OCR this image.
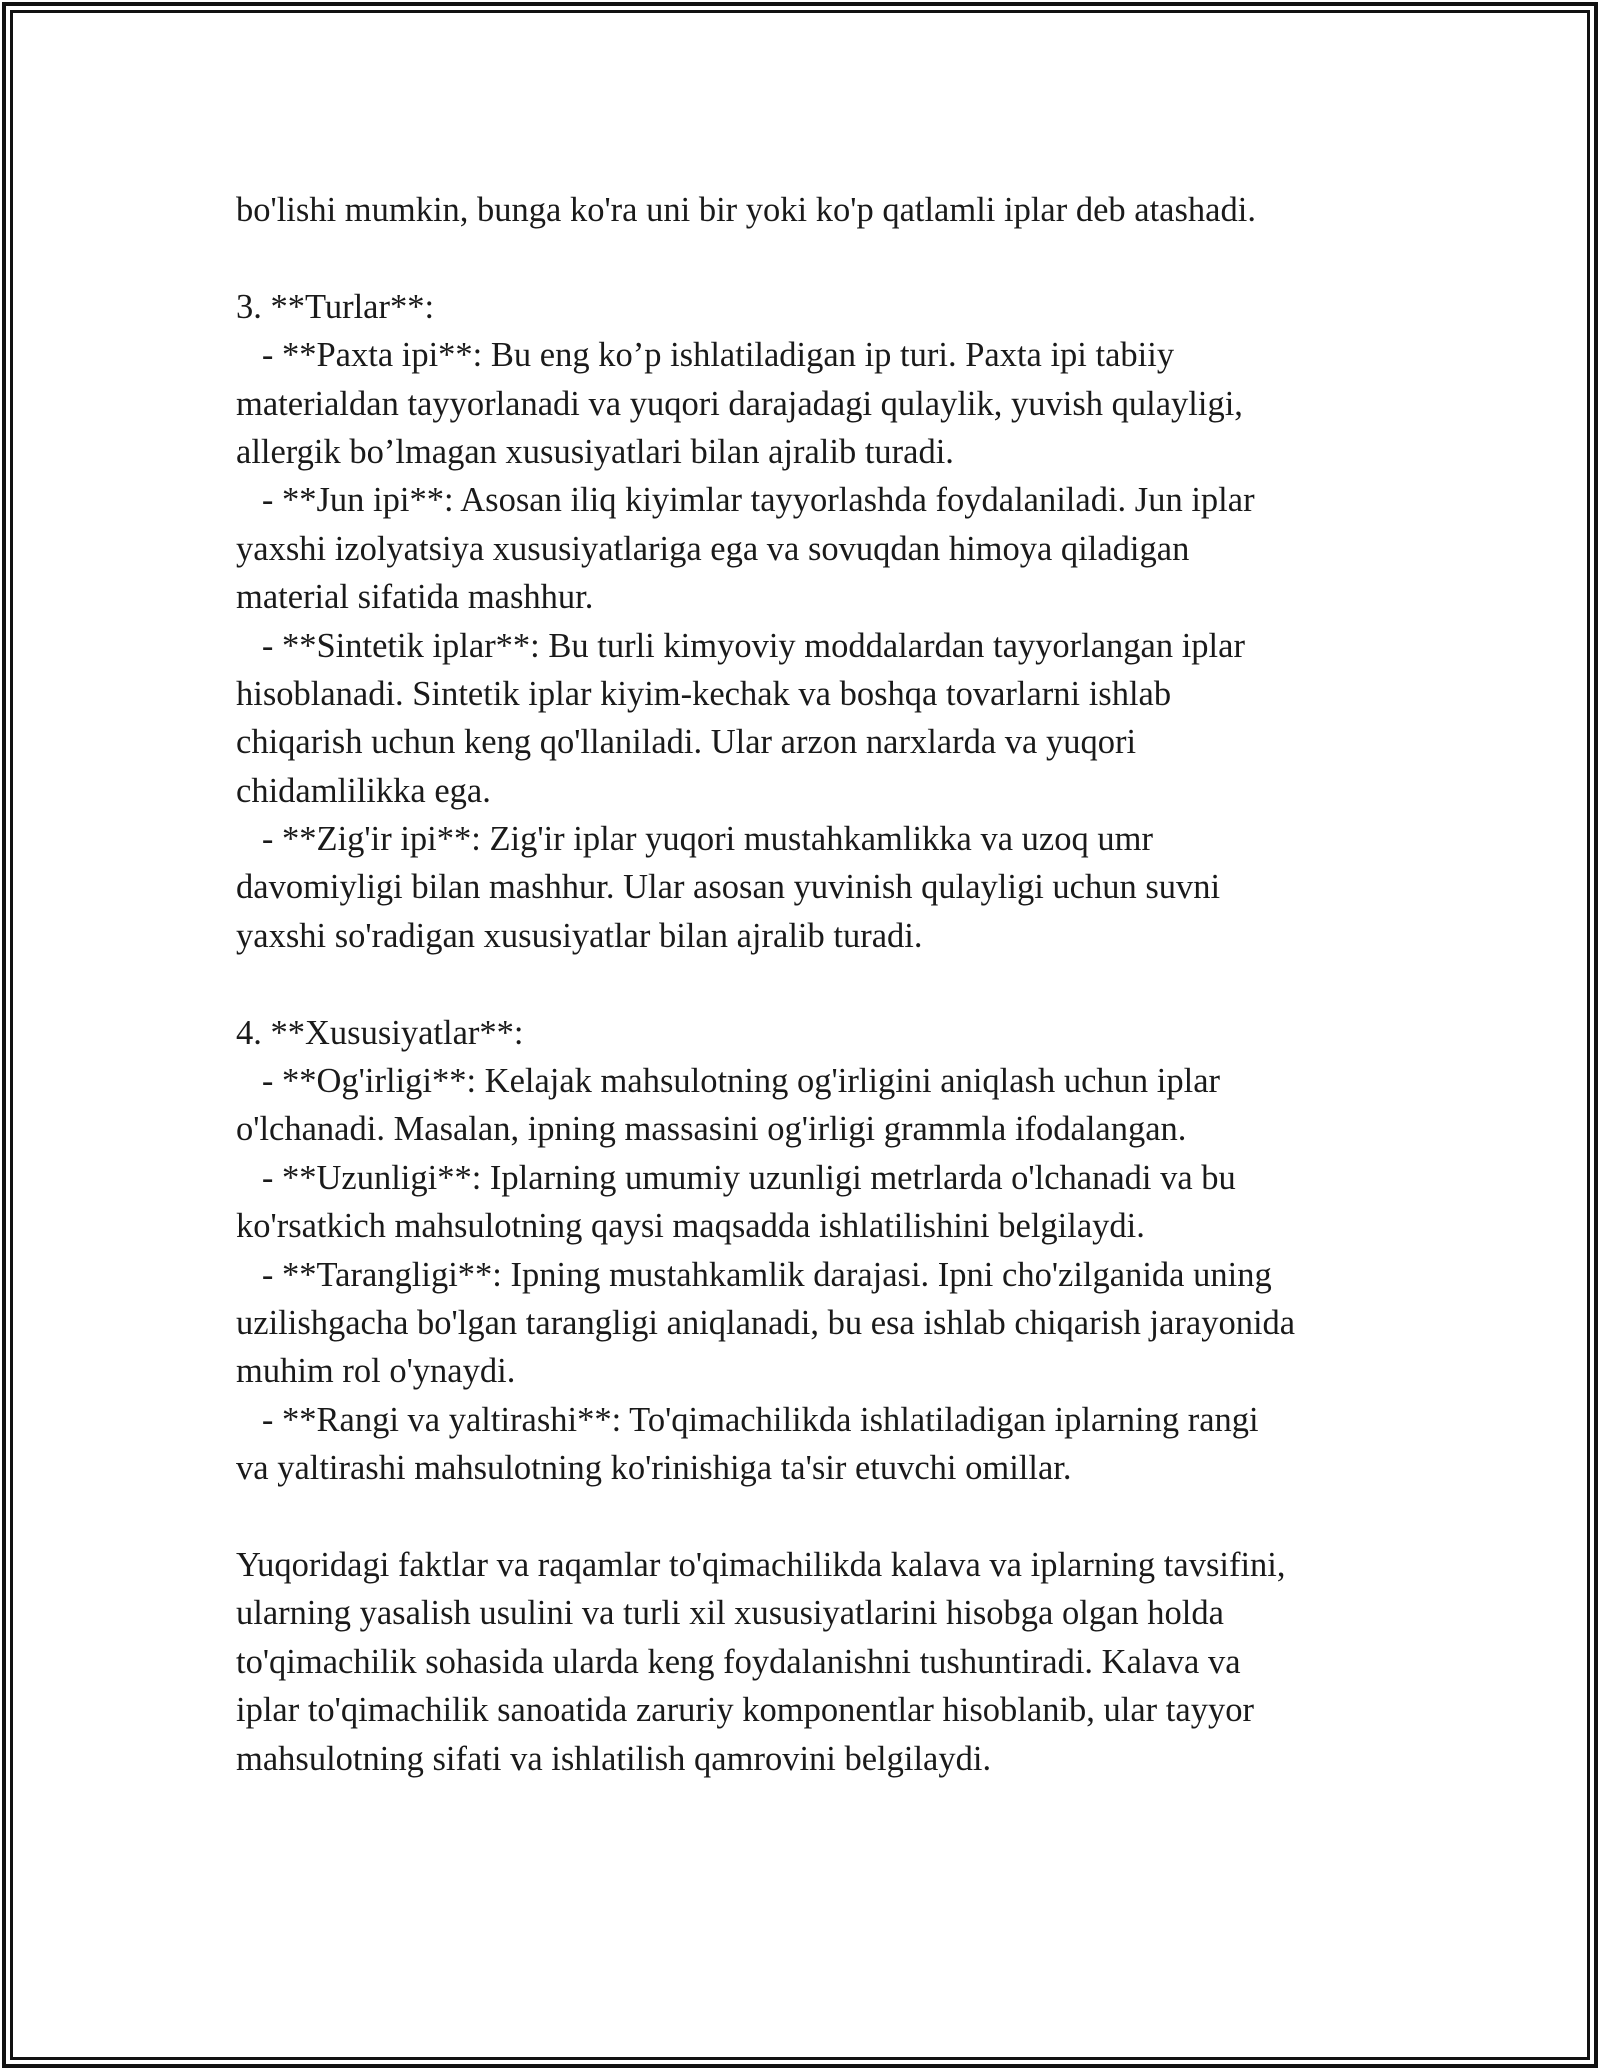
bo'lishi mumkin, bunga ko'ra uni bir yoki ko'p qatlamli iplar deb atashadi.
3. **Turlar**:
- **Paxta ipi**: Bu eng ko’p ishlatiladigan ip turi. Paxta ipi tabiiy
materialdan tayyorlanadi va yuqori darajadagi qulaylik, yuvish qulayligi,
allergik bo’lmagan xususiyatlari bilan ajralib turadi.
- **Jun ipi**: Asosan iliq kiyimlar tayyorlashda foydalaniladi. Jun iplar
yaxshi izolyatsiya xususiyatlariga ega va sovuqdan himoya qiladigan
material sifatida mashhur.
- **Sintetik iplar**: Bu turli kimyoviy moddalardan tayyorlangan iplar
hisoblanadi. Sintetik iplar kiyim-kechak va boshqa tovarlarni ishlab
chiqarish uchun keng qo'llaniladi. Ular arzon narxlarda va yuqori
chidamlilikka ega.
- **Zig'ir ipi**: Zig'ir iplar yuqori mustahkamlikka va uzoq umr
davomiyligi bilan mashhur. Ular asosan yuvinish qulayligi uchun suvni
yaxshi so'radigan xususiyatlar bilan ajralib turadi.
4. **Xususiyatlar**:
- **Og'irligi**: Kelajak mahsulotning og'irligini aniqlash uchun iplar
o'lchanadi. Masalan, ipning massasini og'irligi grammla ifodalangan.
- **Uzunligi**: Iplarning umumiy uzunligi metrlarda o'lchanadi va bu
ko'rsatkich mahsulotning qaysi maqsadda ishlatilishini belgilaydi.
- **Tarangligi**: Ipning mustahkamlik darajasi. Ipni cho'zilganida uning
uzilishgacha bo'lgan tarangligi aniqlanadi, bu esa ishlab chiqarish jarayonida
muhim rol o'ynaydi.
- **Rangi va yaltirashi**: To'qimachilikda ishlatiladigan iplarning rangi
va yaltirashi mahsulotning ko'rinishiga ta'sir etuvchi omillar.
Yuqoridagi faktlar va raqamlar to'qimachilikda kalava va iplarning tavsifini,
ularning yasalish usulini va turli xil xususiyatlarini hisobga olgan holda
to'qimachilik sohasida ularda keng foydalanishni tushuntiradi. Kalava va
iplar to'qimachilik sanoatida zaruriy komponentlar hisoblanib, ular tayyor
mahsulotning sifati va ishlatilish qamrovini belgilaydi.
